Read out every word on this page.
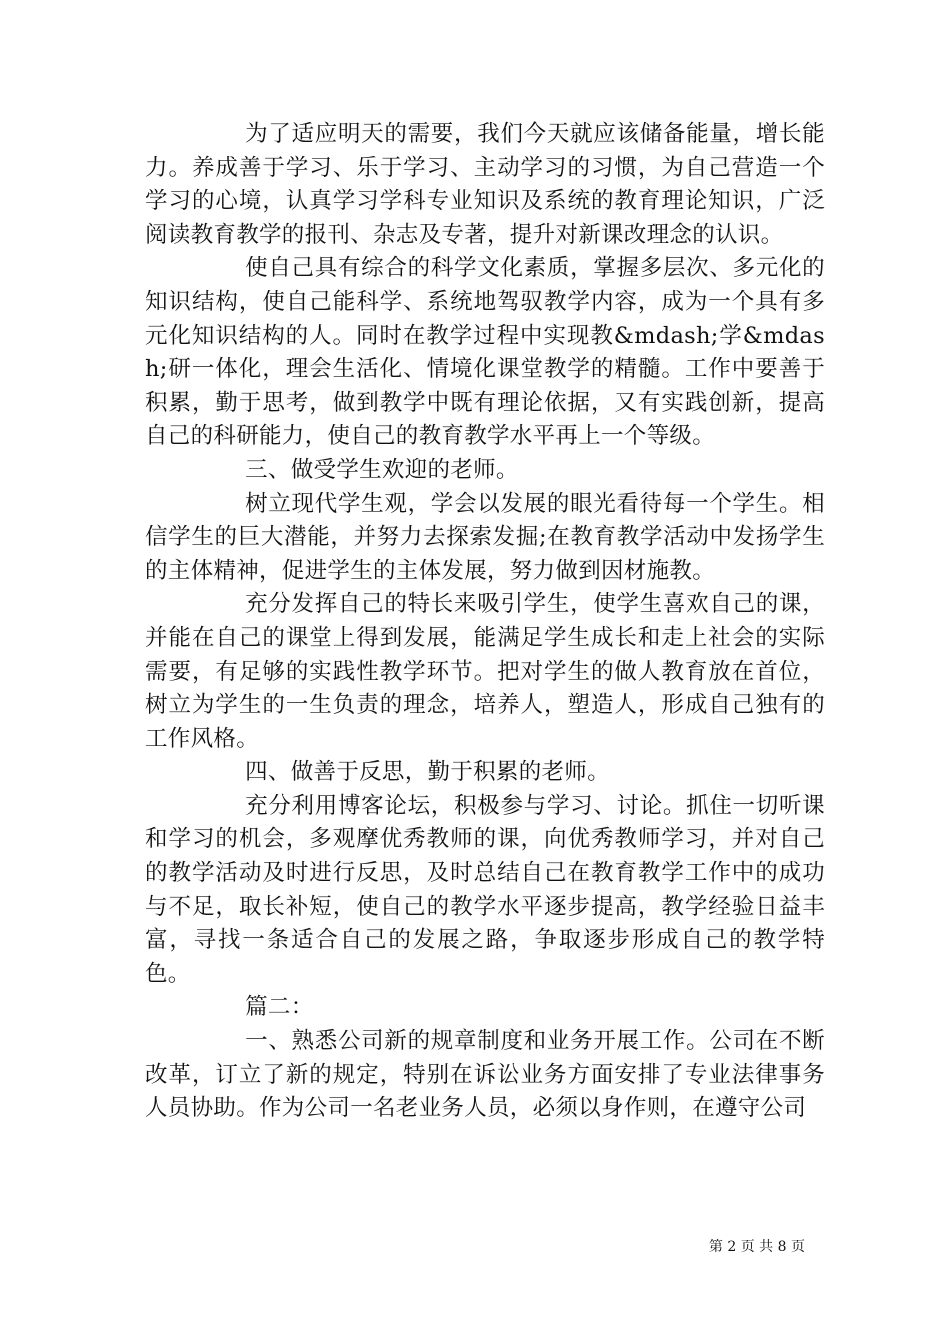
为了适应明天的需要，我们今天就应该储备能量，增长能力。养成善于学习、乐于学习、主动学习的习惯，为自己营造一个学习的心境，认真学习学科专业知识及系统的教育理论知识，广泛阅读教育教学的报刊、杂志及专著，提升对新课改理念的认识。

使自己具有综合的科学文化素质，掌握多层次、多元化的知识结构，使自己能科学、系统地驾驭教学内容，成为一个具有多元化知识结构的人。同时在教学过程中实现教&mdash;学&mdash;研一体化，理会生活化、情境化课堂教学的精髓。工作中要善于积累，勤于思考，做到教学中既有理论依据，又有实践创新，提高自己的科研能力，使自己的教育教学水平再上一个等级。

三、做受学生欢迎的老师。

树立现代学生观，学会以发展的眼光看待每一个学生。相信学生的巨大潜能，并努力去探索发掘;在教育教学活动中发扬学生的主体精神，促进学生的主体发展，努力做到因材施教。

充分发挥自己的特长来吸引学生，使学生喜欢自己的课，并能在自己的课堂上得到发展，能满足学生成长和走上社会的实际需要，有足够的实践性教学环节。把对学生的做人教育放在首位，树立为学生的一生负责的理念，培养人，塑造人，形成自己独有的工作风格。

四、做善于反思，勤于积累的老师。

充分利用博客论坛，积极参与学习、讨论。抓住一切听课和学习的机会，多观摩优秀教师的课，向优秀教师学习，并对自己的教学活动及时进行反思，及时总结自己在教育教学工作中的成功与不足，取长补短，使自己的教学水平逐步提高，教学经验日益丰富，寻找一条适合自己的发展之路，争取逐步形成自己的教学特色。

篇二：

一、熟悉公司新的规章制度和业务开展工作。公司在不断改革，订立了新的规定，特别在诉讼业务方面安排了专业法律事务人员协助。作为公司一名老业务人员，必须以身作则，在遵守公司

第 2 页 共 8 页
